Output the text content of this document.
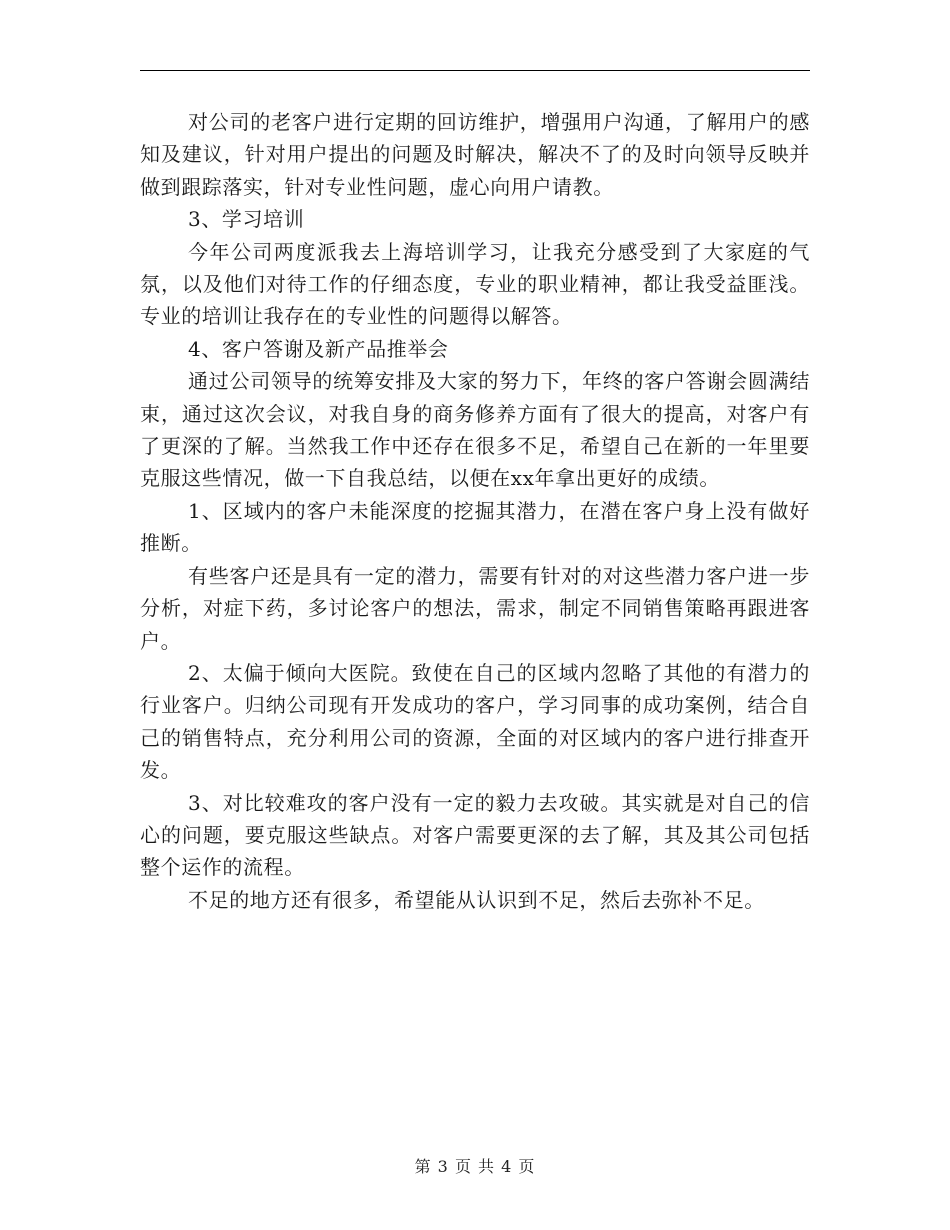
对公司的老客户进行定期的回访维护，增强用户沟通，了解用户的感知及建议，针对用户提出的问题及时解决，解决不了的及时向领导反映并做到跟踪落实，针对专业性问题，虚心向用户请教。

3、学习培训

今年公司两度派我去上海培训学习，让我充分感受到了大家庭的气氛，以及他们对待工作的仔细态度，专业的职业精神，都让我受益匪浅。专业的培训让我存在的专业性的问题得以解答。

4、客户答谢及新产品推举会

通过公司领导的统筹安排及大家的努力下，年终的客户答谢会圆满结束，通过这次会议，对我自身的商务修养方面有了很大的提高，对客户有了更深的了解。当然我工作中还存在很多不足，希望自己在新的一年里要克服这些情况，做一下自我总结，以便在xx年拿出更好的成绩。

1、区域内的客户未能深度的挖掘其潜力，在潜在客户身上没有做好推断。

有些客户还是具有一定的潜力，需要有针对的对这些潜力客户进一步分析，对症下药，多讨论客户的想法，需求，制定不同销售策略再跟进客户。

2、太偏于倾向大医院。致使在自己的区域内忽略了其他的有潜力的行业客户。归纳公司现有开发成功的客户，学习同事的成功案例，结合自己的销售特点，充分利用公司的资源，全面的对区域内的客户进行排查开发。

3、对比较难攻的客户没有一定的毅力去攻破。其实就是对自己的信心的问题，要克服这些缺点。对客户需要更深的去了解，其及其公司包括整个运作的流程。

不足的地方还有很多，希望能从认识到不足，然后去弥补不足。

第 3 页 共 4 页
